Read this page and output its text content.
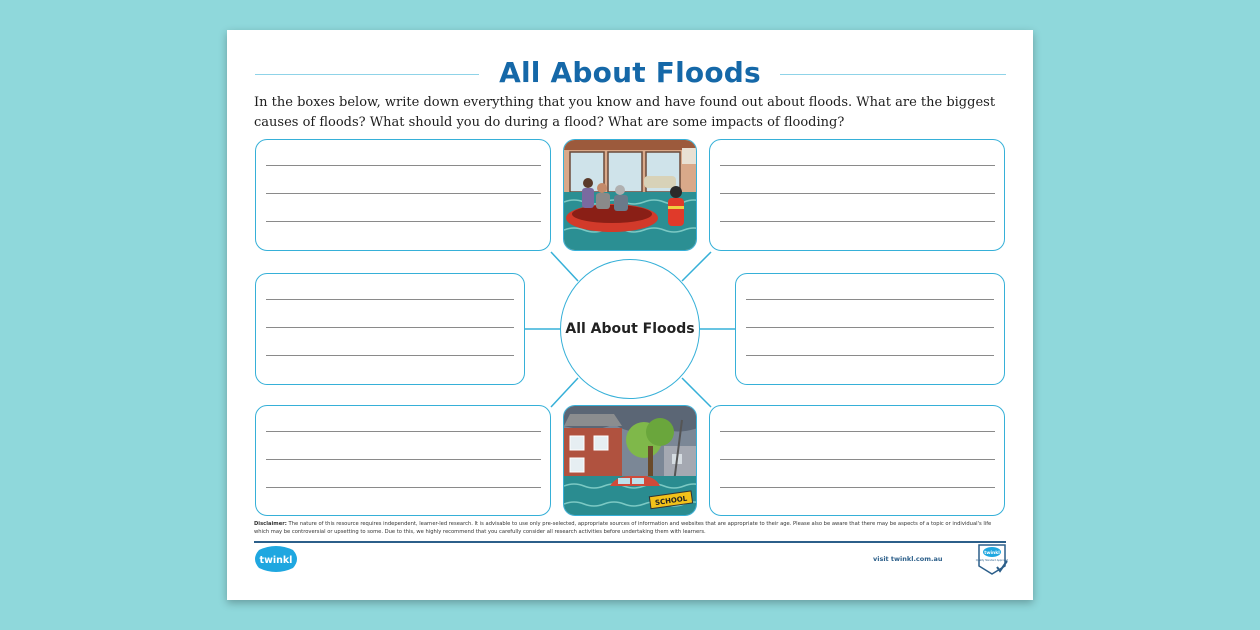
All About Floods
In the boxes below, write down everything that you know and have found out about floods. What are the biggest causes of floods? What should you do during a flood? What are some impacts of flooding?
All About Floods
SCHOOL
Disclaimer: The nature of this resource requires independent, learner-led research. It is advisable to use only pre-selected, appropriate sources of information and websites that are appropriate to their age. Please also be aware that there may be aspects of a topic or individual's life which may be controversial or upsetting to some. Due to this, we highly recommend that you carefully consider all research activities before undertaking them with learners.
twinkl	visit twinkl.com.au
twinkl
Quality Standard Approved
